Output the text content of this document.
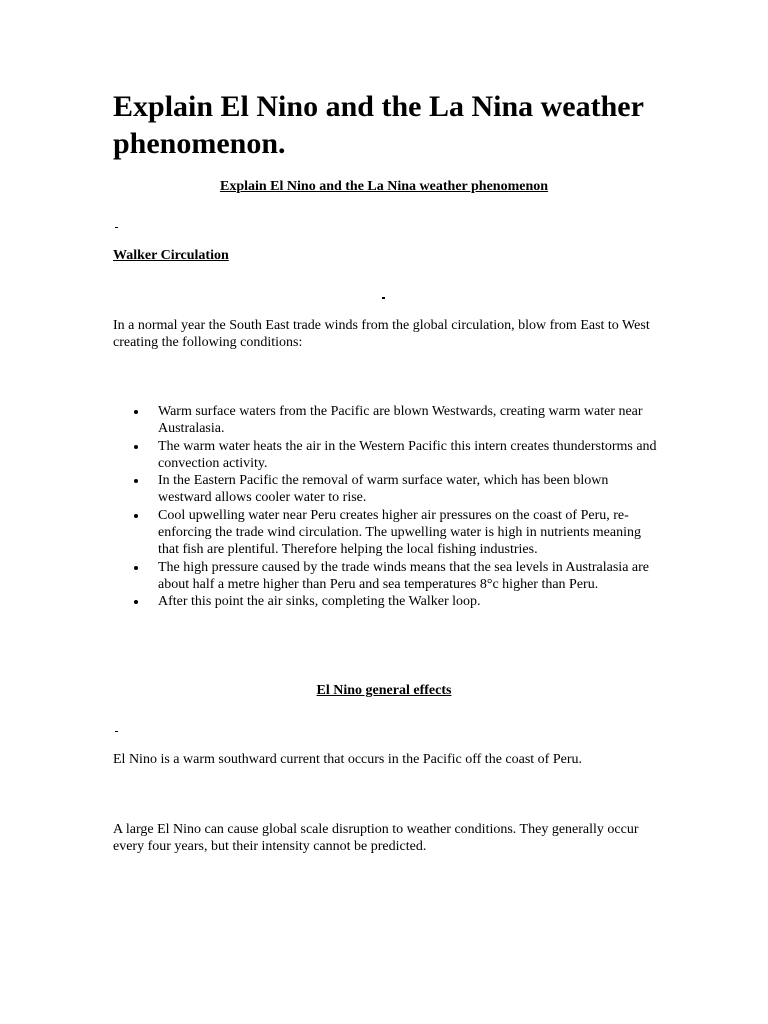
Explain El Nino and the La Nina weather phenomenon.
Explain El Nino and the La Nina weather phenomenon
Walker Circulation

In a normal year the South East trade winds from the global circulation, blow from East to West creating the following conditions:

Warm surface waters from the Pacific are blown Westwards, creating warm water near Australasia.
The warm water heats the air in the Western Pacific this intern creates thunderstorms and convection activity.
In the Eastern Pacific the removal of warm surface water, which has been blown westward allows cooler water to rise.
Cool upwelling water near Peru creates higher air pressures on the coast of Peru, re-enforcing the trade wind circulation. The upwelling water is high in nutrients meaning that fish are plentiful. Therefore helping the local fishing industries.
The high pressure caused by the trade winds means that the sea levels in Australasia are about half a metre higher than Peru and sea temperatures 8°c higher than Peru.
After this point the air sinks, completing the Walker loop.
El Nino general effects

El Nino is a warm southward current that occurs in the Pacific off the coast of Peru.

A large El Nino can cause global scale disruption to weather conditions. They generally occur every four years, but their intensity cannot be predicted.
